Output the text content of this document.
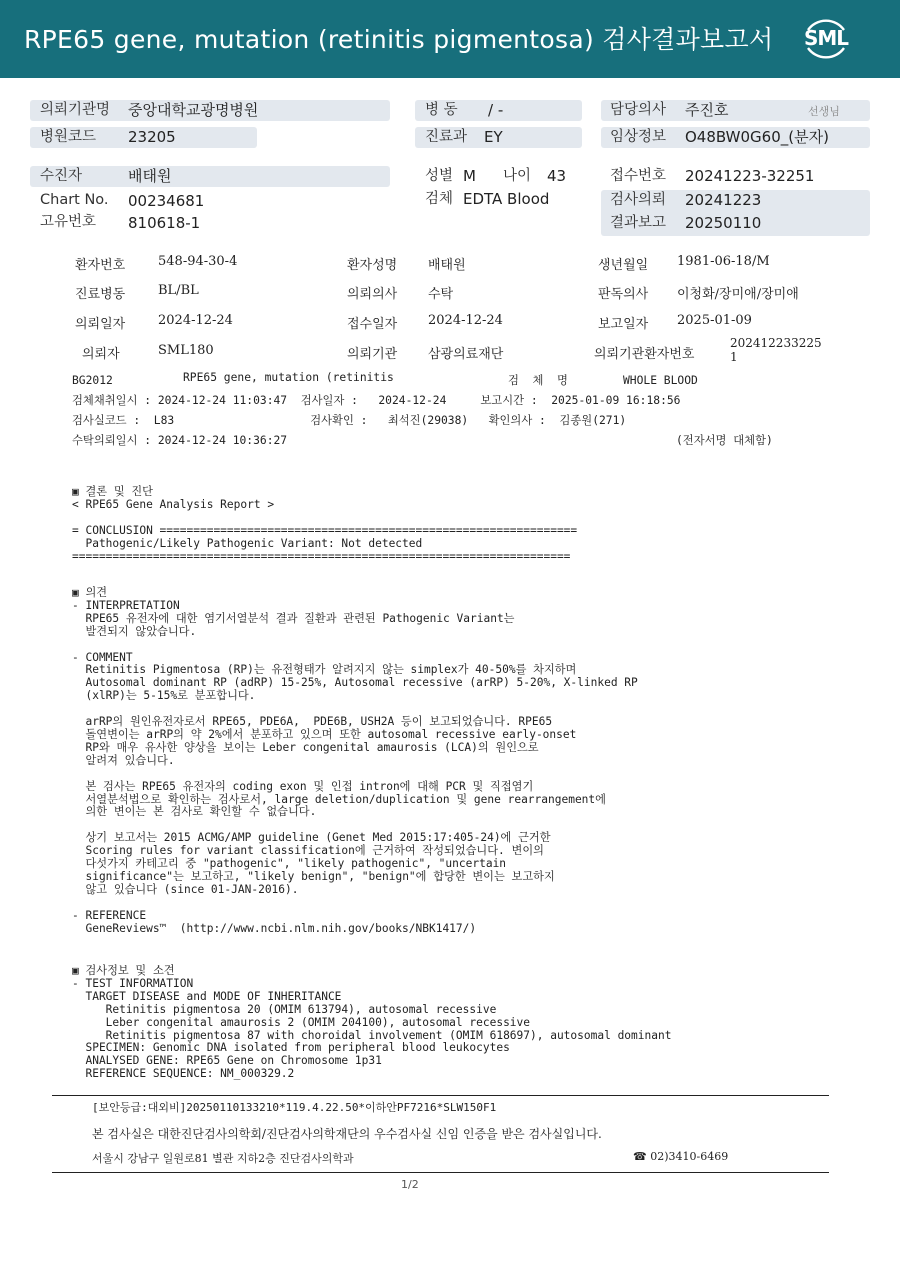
RPE65 gene, mutation (retinitis pigmentosa) 검사결과보고서 SML
의뢰기관명 중앙대학교광명병원
병원코드 23205
병 동 / -
진료과 EY
담당의사 주진호	선생님
임상정보 O48BW0G60_(분자)
수진자	배태원
Chart No. 00234681
고유번호 810618-1
성별 M 나이 43
검체 EDTA Blood
접수번호 20241223-32251
검사의뢰 20241223
결과보고 20250110
환자번호	548-94-30-4	환자성명 배태원	생년월일 1981-06-18/M
진료병동	BL/BL	의뢰의사 수탁	판독의사 이청화/장미애/장미애
의뢰일자	2024-12-24	접수일자 2024-12-24	보고일자 2025-01-09
의뢰자	SML180	의뢰기관 삼광의료재단	의뢰기관환자번호
202412233225
1
BG2012	RPE65 gene, mutation (retinitis	검  체  명	WHOLE BLOOD
검체채취일시 : 2024-12-24 11:03:47  검사일자 :   2024-12-24     보고시간 :  2025-01-09 16:18:56
검사실코드 :  L83                    검사확인 :   최석진(29038)   확인의사 :  김종원(271)
수탁의뢰일시 : 2024-12-24 10:36:27	(전자서명 대체함)
▣ 결론 및 진단
< RPE65 Gene Analysis Report >

= CONCLUSION ==============================================================
Pathogenic/Likely Pathogenic Variant: Not detected
==========================================================================
▣ 의견
- INTERPRETATION
RPE65 유전자에 대한 염기서열분석 결과 질환과 관련된 Pathogenic Variant는
발견되지 않았습니다.

- COMMENT
Retinitis Pigmentosa (RP)는 유전형태가 알려지지 않는 simplex가 40-50%를 차지하며
Autosomal dominant RP (adRP) 15-25%, Autosomal recessive (arRP) 5-20%, X-linked RP
(xlRP)는 5-15%로 분포합니다.

arRP의 원인유전자로서 RPE65, PDE6A,  PDE6B, USH2A 등이 보고되었습니다. RPE65
돌연변이는 arRP의 약 2%에서 분포하고 있으며 또한 autosomal recessive early-onset
RP와 매우 유사한 양상을 보이는 Leber congenital amaurosis (LCA)의 원인으로
알려져 있습니다.

본 검사는 RPE65 유전자의 coding exon 및 인접 intron에 대해 PCR 및 직접염기
서열분석법으로 확인하는 검사로서, large deletion/duplication 및 gene rearrangement에
의한 변이는 본 검사로 확인할 수 없습니다.

상기 보고서는 2015 ACMG/AMP guideline (Genet Med 2015:17:405-24)에 근거한
Scoring rules for variant classification에 근거하여 작성되었습니다. 변이의
다섯가지 카테고리 중 "pathogenic", "likely pathogenic", "uncertain
significance"는 보고하고, "likely benign", "benign"에 합당한 변이는 보고하지
않고 있습니다 (since 01-JAN-2016).

- REFERENCE
GeneReviews™  (http://www.ncbi.nlm.nih.gov/books/NBK1417/)
▣ 검사정보 및 소견
- TEST INFORMATION
TARGET DISEASE and MODE OF INHERITANCE
Retinitis pigmentosa 20 (OMIM 613794), autosomal recessive
Leber congenital amaurosis 2 (OMIM 204100), autosomal recessive
Retinitis pigmentosa 87 with choroidal involvement (OMIM 618697), autosomal dominant
SPECIMEN: Genomic DNA isolated from peripheral blood leukocytes
ANALYSED GENE: RPE65 Gene on Chromosome 1p31
REFERENCE SEQUENCE: NM_000329.2
[보안등급:대외비]20250110133210*119.4.22.50*이하안PF7216*SLW150F1
본 검사실은 대한진단검사의학회/진단검사의학재단의 우수검사실 신임 인증을 받은 검사실입니다.
서울시 강남구 일원로81 별관 지하2층 진단검사의학과	☎ 02)3410-6469
1/2
